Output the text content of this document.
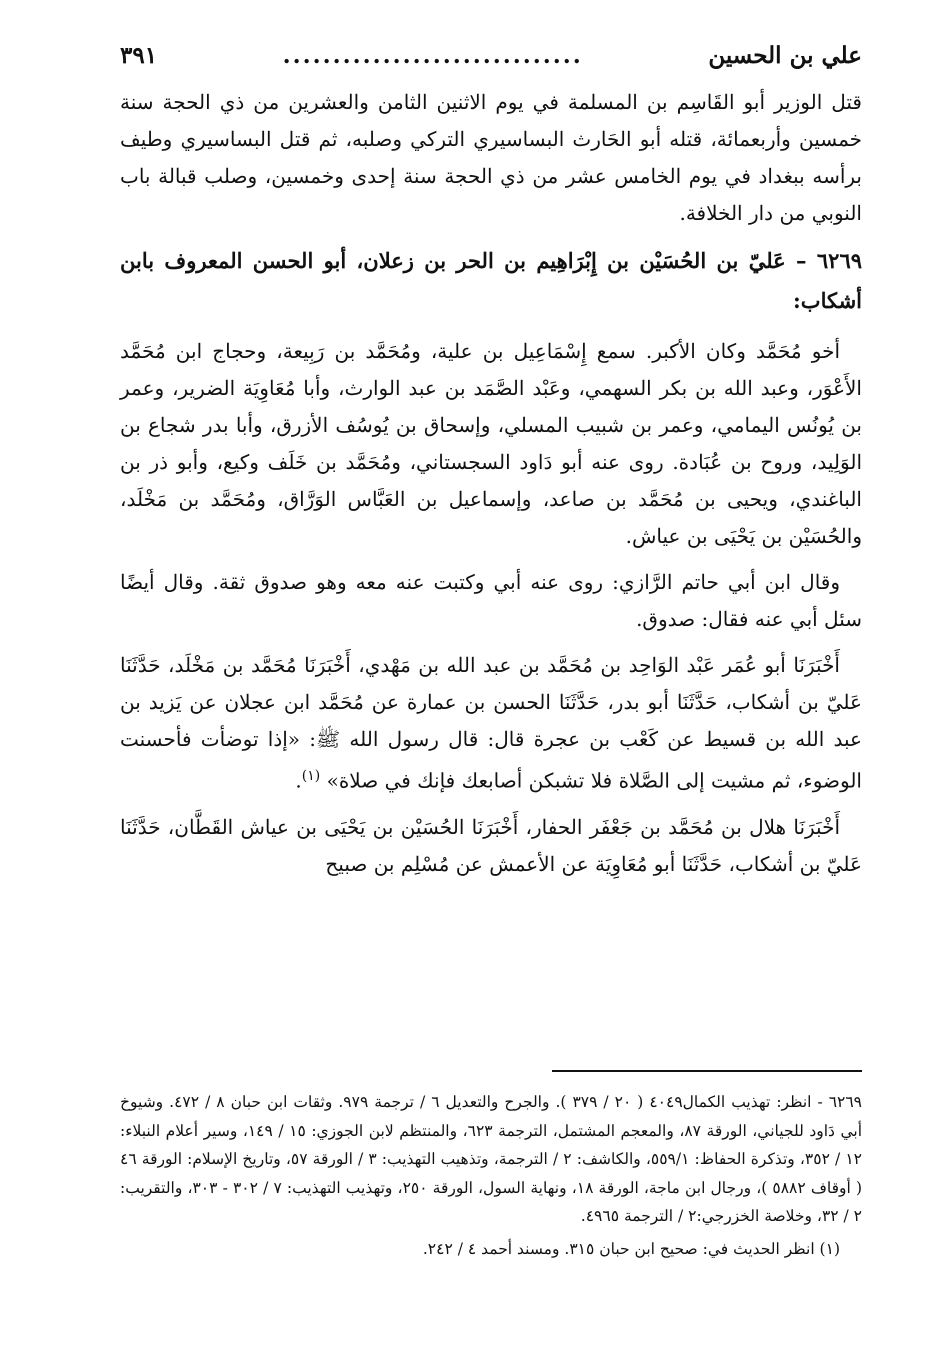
علي بن الحسين
..............................
٣٩١

قتل الوزير أبو القَاسِم بن المسلمة في يوم الاثنين الثامن والعشرين من ذي الحجة سنة خمسين وأربعمائة، قتله أبو الحَارث البساسيري التركي وصلبه، ثم قتل البساسيري وطيف برأسه ببغداد في يوم الخامس عشر من ذي الحجة سنة إحدى وخمسين، وصلب قبالة باب النوبي من دار الخلافة.

٦٢٦٩ – عَليّ بن الحُسَيْن بن إِبْرَاهِيم بن الحر بن زعلان، أبو الحسن المعروف بابن أشكاب:

أخو مُحَمَّد وكان الأكبر. سمع إِسْمَاعِيل بن علية، ومُحَمَّد بن رَبِيعة، وحجاج ابن مُحَمَّد الأَعْوَر، وعبد الله بن بكر السهمي، وعَبْد الصَّمَد بن عبد الوارث، وأبا مُعَاوِيَة الضرير، وعمر بن يُونُس اليمامي، وعمر بن شبيب المسلي، وإسحاق بن يُوسُف الأزرق، وأبا بدر شجاع بن الوَلِيد، وروح بن عُبَادة. روى عنه أبو دَاود السجستاني، ومُحَمَّد بن خَلَف وكيع، وأبو ذر بن الباغندي، ويحيى بن مُحَمَّد بن صاعد، وإسماعيل بن العَبَّاس الوَرَّاق، ومُحَمَّد بن مَخْلَد، والحُسَيْن بن يَحْيَى بن عياش.

وقال ابن أبي حاتم الرَّازي: روى عنه أبي وكتبت عنه معه وهو صدوق ثقة. وقال أيضًا سئل أبي عنه فقال: صدوق.

أَخْبَرَنَا أبو عُمَر عَبْد الوَاحِد بن مُحَمَّد بن عبد الله بن مَهْدي، أَخْبَرَنَا مُحَمَّد بن مَخْلَد، حَدَّثَنَا عَليّ بن أشكاب، حَدَّثَنَا أبو بدر، حَدَّثَنَا الحسن بن عمارة عن مُحَمَّد ابن عجلان عن يَزيد بن عبد الله بن قسيط عن كَعْب بن عجرة قال: قال رسول الله ﷺ: «إذا توضأت فأحسنت الوضوء، ثم مشيت إلى الصَّلاة فلا تشبكن أصابعك فإنك في صلاة» $^{(١)}$.

أَخْبَرَنَا هلال بن مُحَمَّد بن جَعْفَر الحفار، أَخْبَرَنَا الحُسَيْن بن يَحْيَى بن عياش القَطَّان، حَدَّثَنَا عَليّ بن أشكاب، حَدَّثَنَا أبو مُعَاوِيَة عن الأعمش عن مُسْلِم بن صبيح

٦٢٦٩ - انظر: تهذيب الكمال٤٠٤٩ ( ٢٠ / ٣٧٩ ). والجرح والتعديل ٦ / ترجمة ٩٧٩. وثقات ابن حبان ٨ / ٤٧٢. وشيوخ أبي دَاود للجياني، الورقة ٨٧، والمعجم المشتمل، الترجمة ٦٢٣، والمنتظم لابن الجوزي: ١٥ / ١٤٩، وسير أعلام النبلاء: ١٢ / ٣٥٢، وتذكرة الحفاظ: ٥٥٩/١، والكاشف: ٢ / الترجمة، وتذهيب التهذيب: ٣ / الورقة ٥٧، وتاريخ الإسلام: الورقة ٤٦ ( أوقاف ٥٨٨٢ )، ورجال ابن ماجة، الورقة ١٨، ونهاية السول، الورقة ٢٥٠، وتهذيب التهذيب: ٧ / ٣٠٢ - ٣٠٣، والتقريب: ٢ / ٣٢، وخلاصة الخزرجي:٢ / الترجمة ٤٩٦٥.

(١) انظر الحديث في: صحيح ابن حبان ٣١٥. ومسند أحمد ٤ / ٢٤٢.
